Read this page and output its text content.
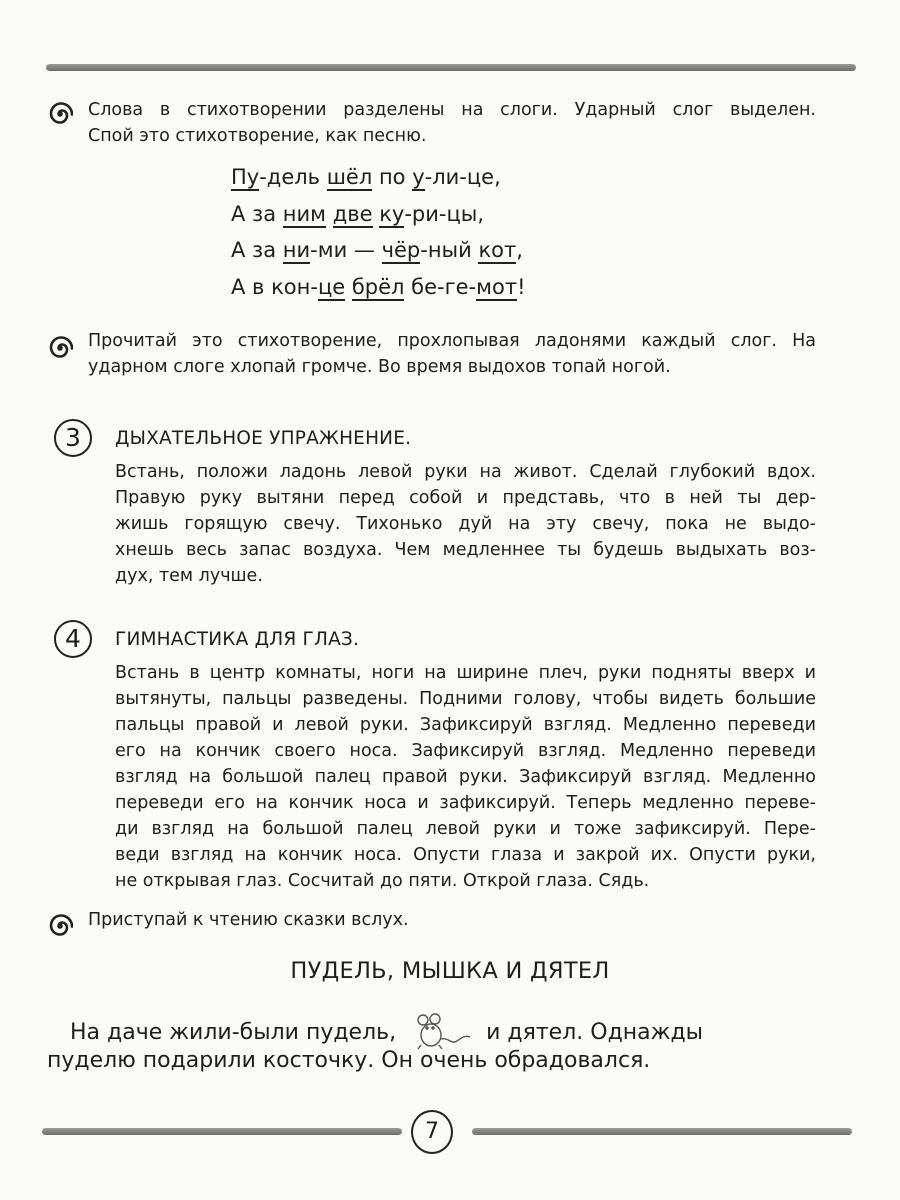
Слова в стихотворении разделены на слоги. Ударный слог выделен.

Спой это стихотворение, как песню.

Пу-дель шёл по у-ли-це,
А за ним две ку-ри-цы,
А за ни-ми — чёр-ный кот,
А в кон-це брёл бе-ге-мот!

Прочитай это стихотворение, прохлопывая ладонями каждый слог. На

ударном слоге хлопай громче. Во время выдохов топай ногой.

3	ДЫХАТЕЛЬНОЕ УПРАЖНЕНИЕ.

Встань, положи ладонь левой руки на живот. Сделай глубокий вдох.

Правую руку вытяни перед собой и представь, что в ней ты дер-

жишь горящую свечу. Тихонько дуй на эту свечу, пока не выдо-

хнешь весь запас воздуха. Чем медленнее ты будешь выдыхать воз-

дух, тем лучше.

4	ГИМНАСТИКА ДЛЯ ГЛАЗ.

Встань в центр комнаты, ноги на ширине плеч, руки подняты вверх и

вытянуты, пальцы разведены. Подними голову, чтобы видеть большие

пальцы правой и левой руки. Зафиксируй взгляд. Медленно переведи

его на кончик своего носа. Зафиксируй взгляд. Медленно переведи

взгляд на большой палец правой руки. Зафиксируй взгляд. Медленно

переведи его на кончик носа и зафиксируй. Теперь медленно переве-

ди взгляд на большой палец левой руки и тоже зафиксируй. Пере-

веди взгляд на кончик носа. Опусти глаза и закрой их. Опусти руки,

не открывая глаз. Сосчитай до пяти. Открой глаза. Сядь.

Приступай к чтению сказки вслух.
ПУДЕЛЬ, МЫШКА И ДЯТЕЛ
На даче жили-были пудель,	и дятел. Однажды
пуделю подарили косточку. Он очень обрадовался.
7
